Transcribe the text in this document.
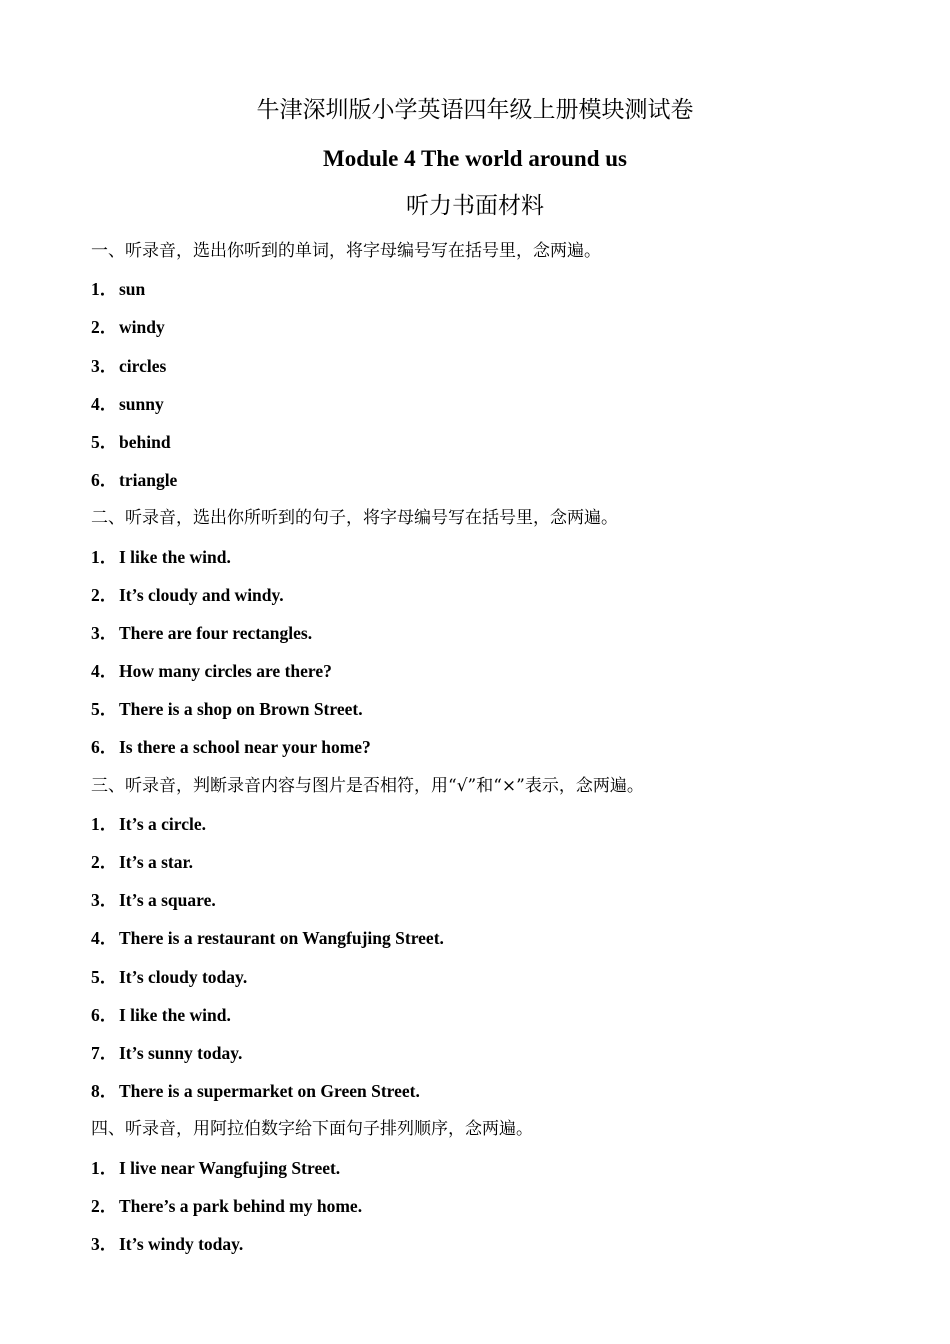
牛津深圳版小学英语四年级上册模块测试卷
Module 4 The world around us
听力书面材料
一、听录音，选出你听到的单词，将字母编号写在括号里，念两遍。
1． sun
2． windy
3． circles
4． sunny
5． behind
6． triangle
二、听录音，选出你所听到的句子，将字母编号写在括号里，念两遍。
1． I like the wind.
2． It’s cloudy and windy.
3． There are four rectangles.
4． How many circles are there?
5． There is a shop on Brown Street.
6． Is there a school near your home?
三、听录音，判断录音内容与图片是否相符，用“√”和“×”表示，念两遍。
1． It’s a circle.
2． It’s a star.
3． It’s a square.
4． There is a restaurant on Wangfujing Street.
5． It’s cloudy today.
6． I like the wind.
7． It’s sunny today.
8． There is a supermarket on Green Street.
四、听录音，用阿拉伯数字给下面句子排列顺序，念两遍。
1． I live near Wangfujing Street.
2． There’s a park behind my home.
3． It’s windy today.
